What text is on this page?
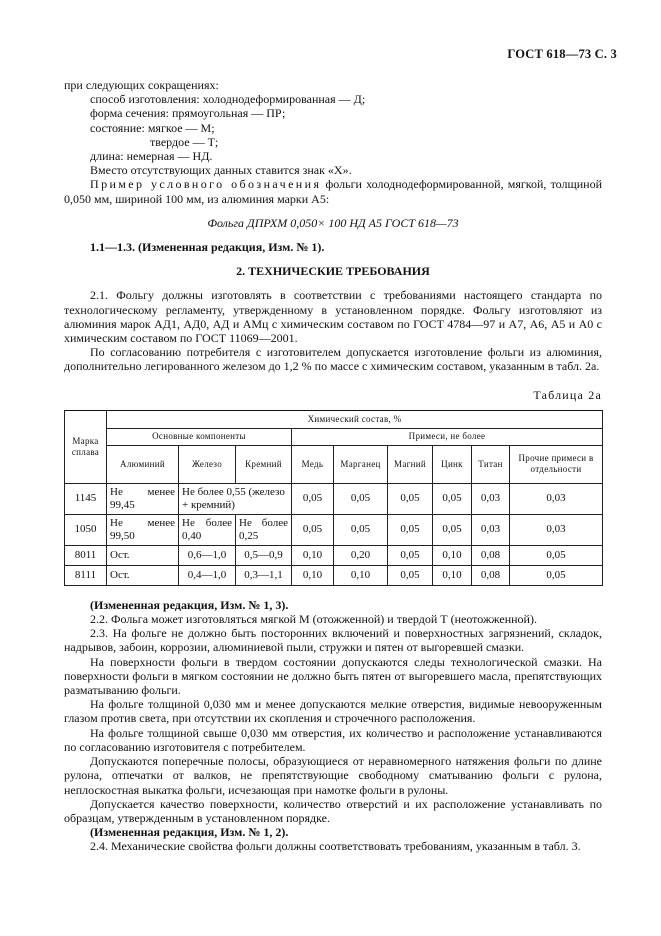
ГОСТ 618—73 С. 3

при следующих сокращениях:

способ изготовления: холоднодеформированная — Д;

форма сечения: прямоугольная — ПР;

состояние: мягкое — М;

твердое — Т;

длина: немерная — НД.

Вместо отсутствующих данных ставится знак «Х».

Пример условного обозначения фольги холоднодеформированной, мягкой, толщиной 0,050 мм, шириной 100 мм, из алюминия марки А5:

Фольга ДПРХМ 0,050× 100 НД А5 ГОСТ 618—73

1.1—1.3. (Измененная редакция, Изм. № 1).

2. ТЕХНИЧЕСКИЕ ТРЕБОВАНИЯ

2.1. Фольгу должны изготовлять в соответствии с требованиями настоящего стандарта по технологическому регламенту, утвержденному в установленном порядке. Фольгу изготовляют из алюминия марок АД1, АД0, АД и АМц с химическим составом по ГОСТ 4784—97 и А7, А6, А5 и А0 с химическим составом по ГОСТ 11069—2001.

По согласованию потребителя с изготовителем допускается изготовление фольги из алюминия, дополнительно легированного железом до 1,2 % по массе с химическим составом, указанным в табл. 2а.

Таблица 2а

Марка сплава	Химический состав, %								
	Основные компоненты			Примеси, не более					
	Алюминий	Железо	Кремний	Медь	Марганец	Магний	Цинк	Титан	Прочие примеси в отдельности
1145	Не менее 99,45	Не более 0,55 (железо + кремний)		0,05	0,05	0,05	0,05	0,03	0,03
1050	Не менее 99,50	Не более 0,40	Не более 0,25	0,05	0,05	0,05	0,05	0,03	0,03
8011	Ост.	0,6—1,0	0,5—0,9	0,10	0,20	0,05	0,10	0,08	0,05
8111	Ост.	0,4—1,0	0,3—1,1	0,10	0,10	0,05	0,10	0,08	0,05

(Измененная редакция, Изм. № 1, 3).

2.2. Фольга может изготовляться мягкой М (отожженной) и твердой Т (неотожженной).

2.3. На фольге не должно быть посторонних включений и поверхностных загрязнений, складок, надрывов, забоин, коррозии, алюминиевой пыли, стружки и пятен от выгоревшей смазки.

На поверхности фольги в твердом состоянии допускаются следы технологической смазки. На поверхности фольги в мягком состоянии не должно быть пятен от выгоревшего масла, препятствующих разматыванию фольги.

На фольге толщиной 0,030 мм и менее допускаются мелкие отверстия, видимые невооруженным глазом против света, при отсутствии их скопления и строчечного расположения.

На фольге толщиной свыше 0,030 мм отверстия, их количество и расположение устанавливаются по согласованию изготовителя с потребителем.

Допускаются поперечные полосы, образующиеся от неравномерного натяжения фольги по длине рулона, отпечатки от валков, не препятствующие свободному сматыванию фольги с рулона, неплоскостная выкатка фольги, исчезающая при намотке фольги в рулоны.

Допускается качество поверхности, количество отверстий и их расположение устанавливать по образцам, утвержденным в установленном порядке.

(Измененная редакция, Изм. № 1, 2).

2.4. Механические свойства фольги должны соответствовать требованиям, указанным в табл. 3.
